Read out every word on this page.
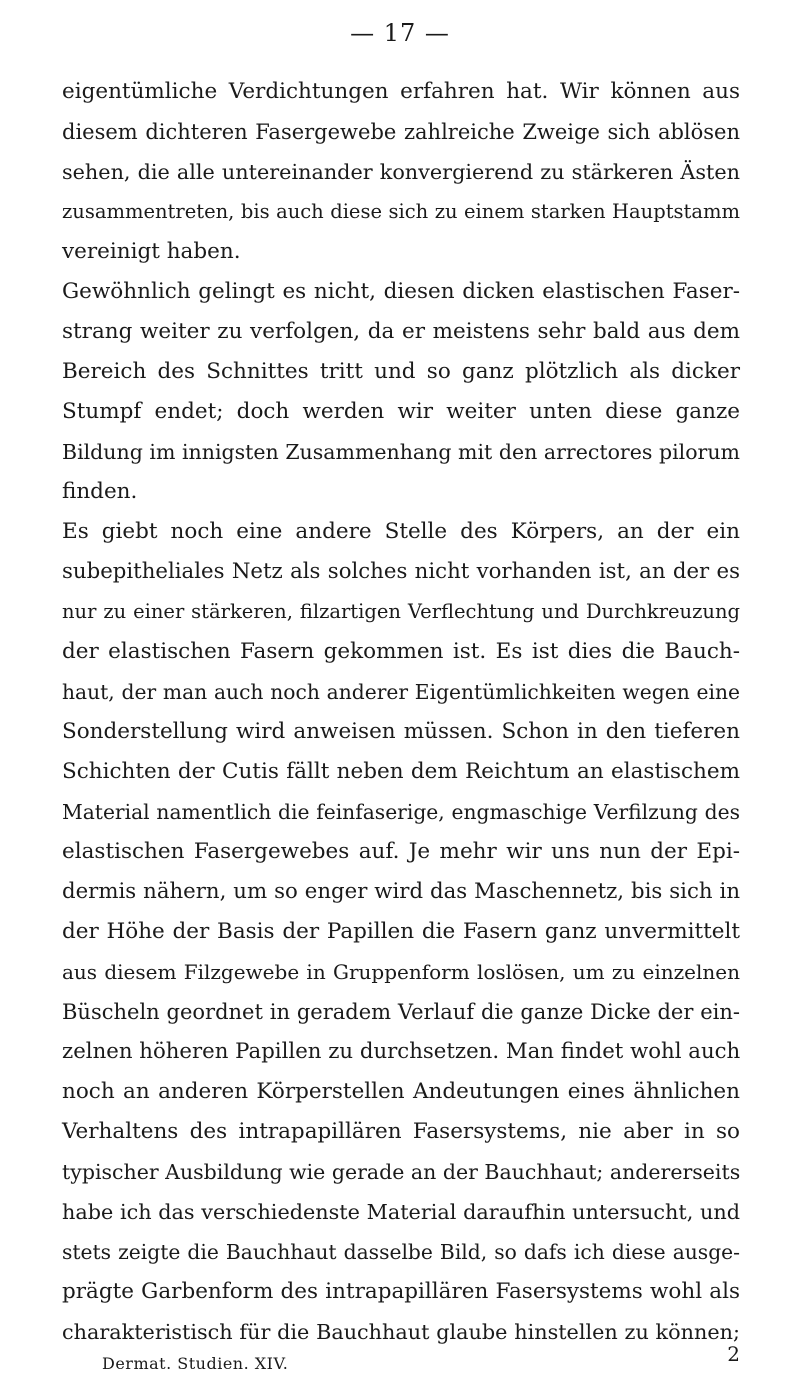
— 17 —
eigentümliche Verdichtungen erfahren hat. Wir können aus
diesem dichteren Fasergewebe zahlreiche Zweige sich ablösen
sehen, die alle untereinander konvergierend zu stärkeren Ästen
zusammentreten, bis auch diese sich zu einem starken Hauptstamm
vereinigt haben.
Gewöhnlich gelingt es nicht, diesen dicken elastischen Faser-
strang weiter zu verfolgen, da er meistens sehr bald aus dem
Bereich des Schnittes tritt und so ganz plötzlich als dicker
Stumpf endet; doch werden wir weiter unten diese ganze
Bildung im innigsten Zusammenhang mit den arrectores pilorum
finden.
Es giebt noch eine andere Stelle des Körpers, an der ein
subepitheliales Netz als solches nicht vorhanden ist, an der es
nur zu einer stärkeren, filzartigen Verflechtung und Durchkreuzung
der elastischen Fasern gekommen ist. Es ist dies die Bauch-
haut, der man auch noch anderer Eigentümlichkeiten wegen eine
Sonderstellung wird anweisen müssen. Schon in den tieferen
Schichten der Cutis fällt neben dem Reichtum an elastischem
Material namentlich die feinfaserige, engmaschige Verfilzung des
elastischen Fasergewebes auf. Je mehr wir uns nun der Epi-
dermis nähern, um so enger wird das Maschennetz, bis sich in
der Höhe der Basis der Papillen die Fasern ganz unvermittelt
aus diesem Filzgewebe in Gruppenform loslösen, um zu einzelnen
Büscheln geordnet in geradem Verlauf die ganze Dicke der ein-
zelnen höheren Papillen zu durchsetzen. Man findet wohl auch
noch an anderen Körperstellen Andeutungen eines ähnlichen
Verhaltens des intrapapillären Fasersystems, nie aber in so
typischer Ausbildung wie gerade an der Bauchhaut; andererseits
habe ich das verschiedenste Material daraufhin untersucht, und
stets zeigte die Bauchhaut dasselbe Bild, so dafs ich diese ausge-
prägte Garbenform des intrapapillären Fasersystems wohl als
charakteristisch für die Bauchhaut glaube hinstellen zu können;
Dermat. Studien. XIV.	2
